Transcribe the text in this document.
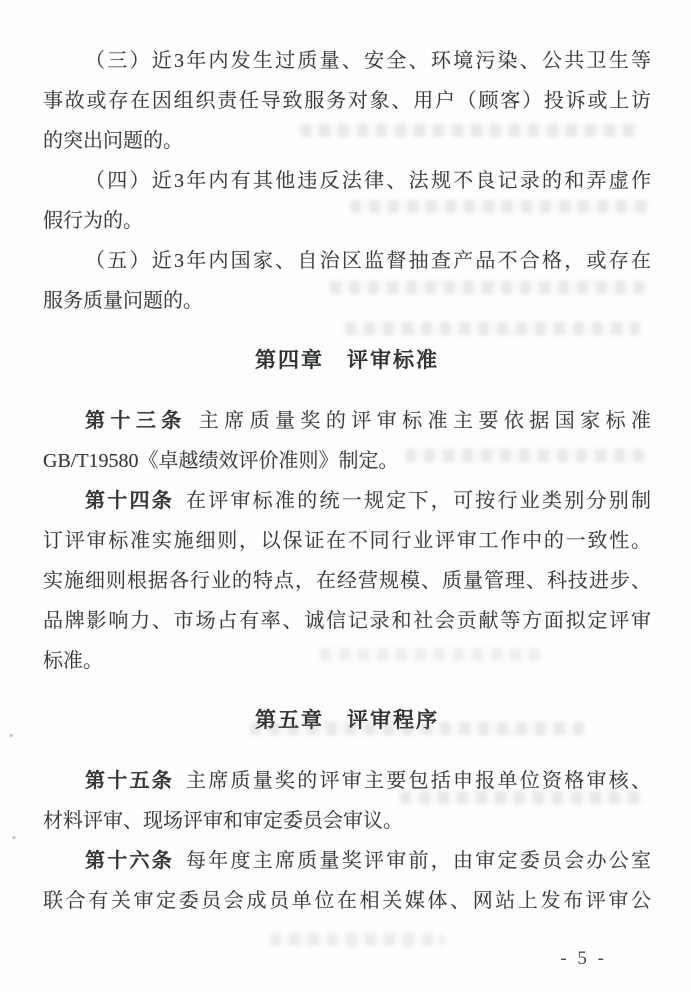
（三）近3年内发生过质量、安全、环境污染、公共卫生等
事故或存在因组织责任导致服务对象、用户（顾客）投诉或上访
的突出问题的。
（四）近3年内有其他违反法律、法规不良记录的和弄虚作
假行为的。
（五）近3年内国家、自治区监督抽查产品不合格，或存在
服务质量问题的。
第四章　评审标准
第十三条 主席质量奖的评审标准主要依据国家标准
GB/T19580《卓越绩效评价准则》制定。
第十四条 在评审标准的统一规定下，可按行业类别分别制
订评审标准实施细则，以保证在不同行业评审工作中的一致性。
实施细则根据各行业的特点，在经营规模、质量管理、科技进步、
品牌影响力、市场占有率、诚信记录和社会贡献等方面拟定评审
标准。
第五章　评审程序
第十五条 主席质量奖的评审主要包括申报单位资格审核、
材料评审、现场评审和审定委员会审议。
第十六条 每年度主席质量奖评审前，由审定委员会办公室
联合有关审定委员会成员单位在相关媒体、网站上发布评审公
- 5 -
